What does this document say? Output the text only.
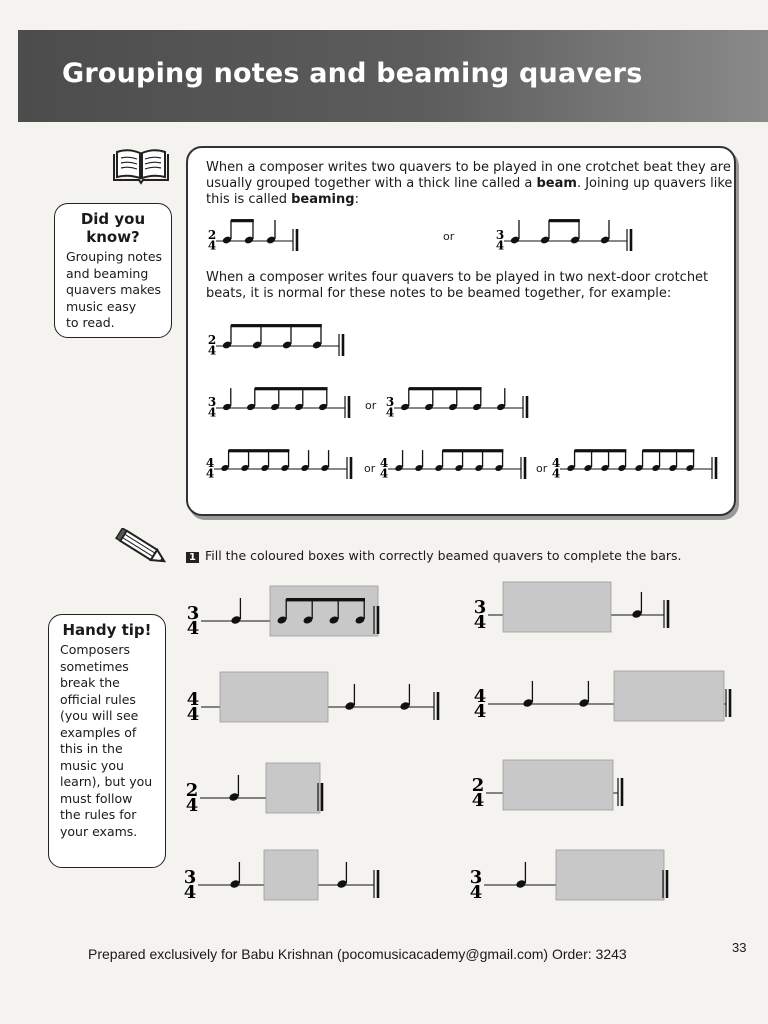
Grouping notes and beaming quavers
Did you
know?
Grouping notes
and beaming
quavers makes
music easy
to read.
When a composer writes two quavers to be played in one crotchet beat they are
usually grouped together with a thick line called a beam. Joining up quavers like
this is called beaming:
When a composer writes four quavers to be played in two next-door crotchet
beats, it is normal for these notes to be beamed together, for example:
or
or
or	or
1 Fill the coloured boxes with correctly beamed quavers to complete the bars.
Handy tip!
Composers
sometimes
break the
official rules
(you will see
examples of
this in the
music you
learn), but you
must follow
the rules for
your exams.
2
4
3
4
2
4
3
4
3
4
4
4
4
4
4
4
3
4
4
4
2
4
3
4
3
4
4
4
2
4
3
4
Prepared exclusively for Babu Krishnan (pocomusicacademy@gmail.com) Order: 3243	33
